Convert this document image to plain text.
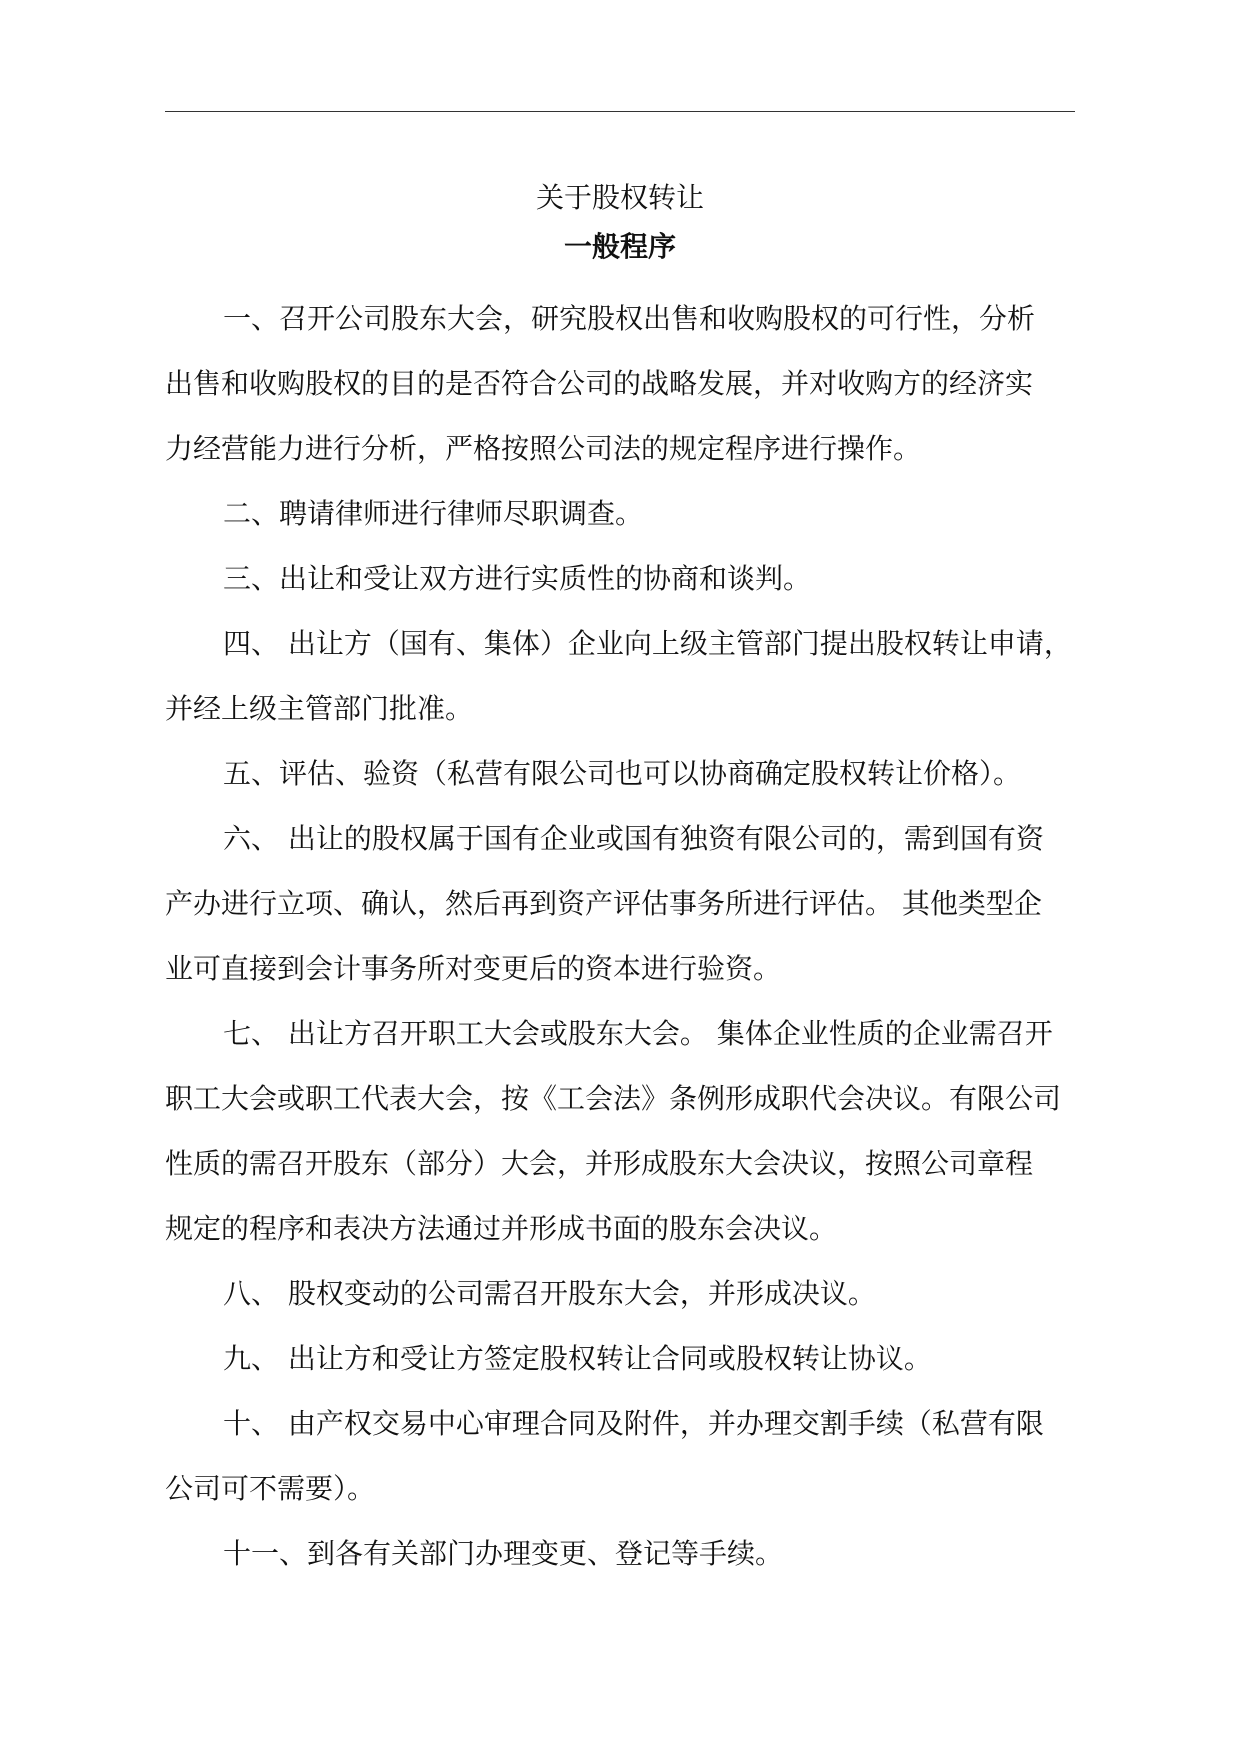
关于股权转让

一般程序

一、召开公司股东大会，研究股权出售和收购股权的可行性，分析
出售和收购股权的目的是否符合公司的战略发展，并对收购方的经济实
力经营能力进行分析，严格按照公司法的规定程序进行操作。
二、聘请律师进行律师尽职调查。
三、出让和受让双方进行实质性的协商和谈判。
四、 出让方（国有、集体）企业向上级主管部门提出股权转让申请，
并经上级主管部门批准。
五、评估、验资（私营有限公司也可以协商确定股权转让价格）。
六、 出让的股权属于国有企业或国有独资有限公司的，需到国有资
产办进行立项、确认，然后再到资产评估事务所进行评估。 其他类型企
业可直接到会计事务所对变更后的资本进行验资。
七、 出让方召开职工大会或股东大会。 集体企业性质的企业需召开
职工大会或职工代表大会，按《工会法》条例形成职代会决议。有限公司
性质的需召开股东（部分）大会，并形成股东大会决议，按照公司章程
规定的程序和表决方法通过并形成书面的股东会决议。
八、 股权变动的公司需召开股东大会，并形成决议。
九、 出让方和受让方签定股权转让合同或股权转让协议。
十、 由产权交易中心审理合同及附件，并办理交割手续（私营有限
公司可不需要）。
十一、到各有关部门办理变更、登记等手续。
